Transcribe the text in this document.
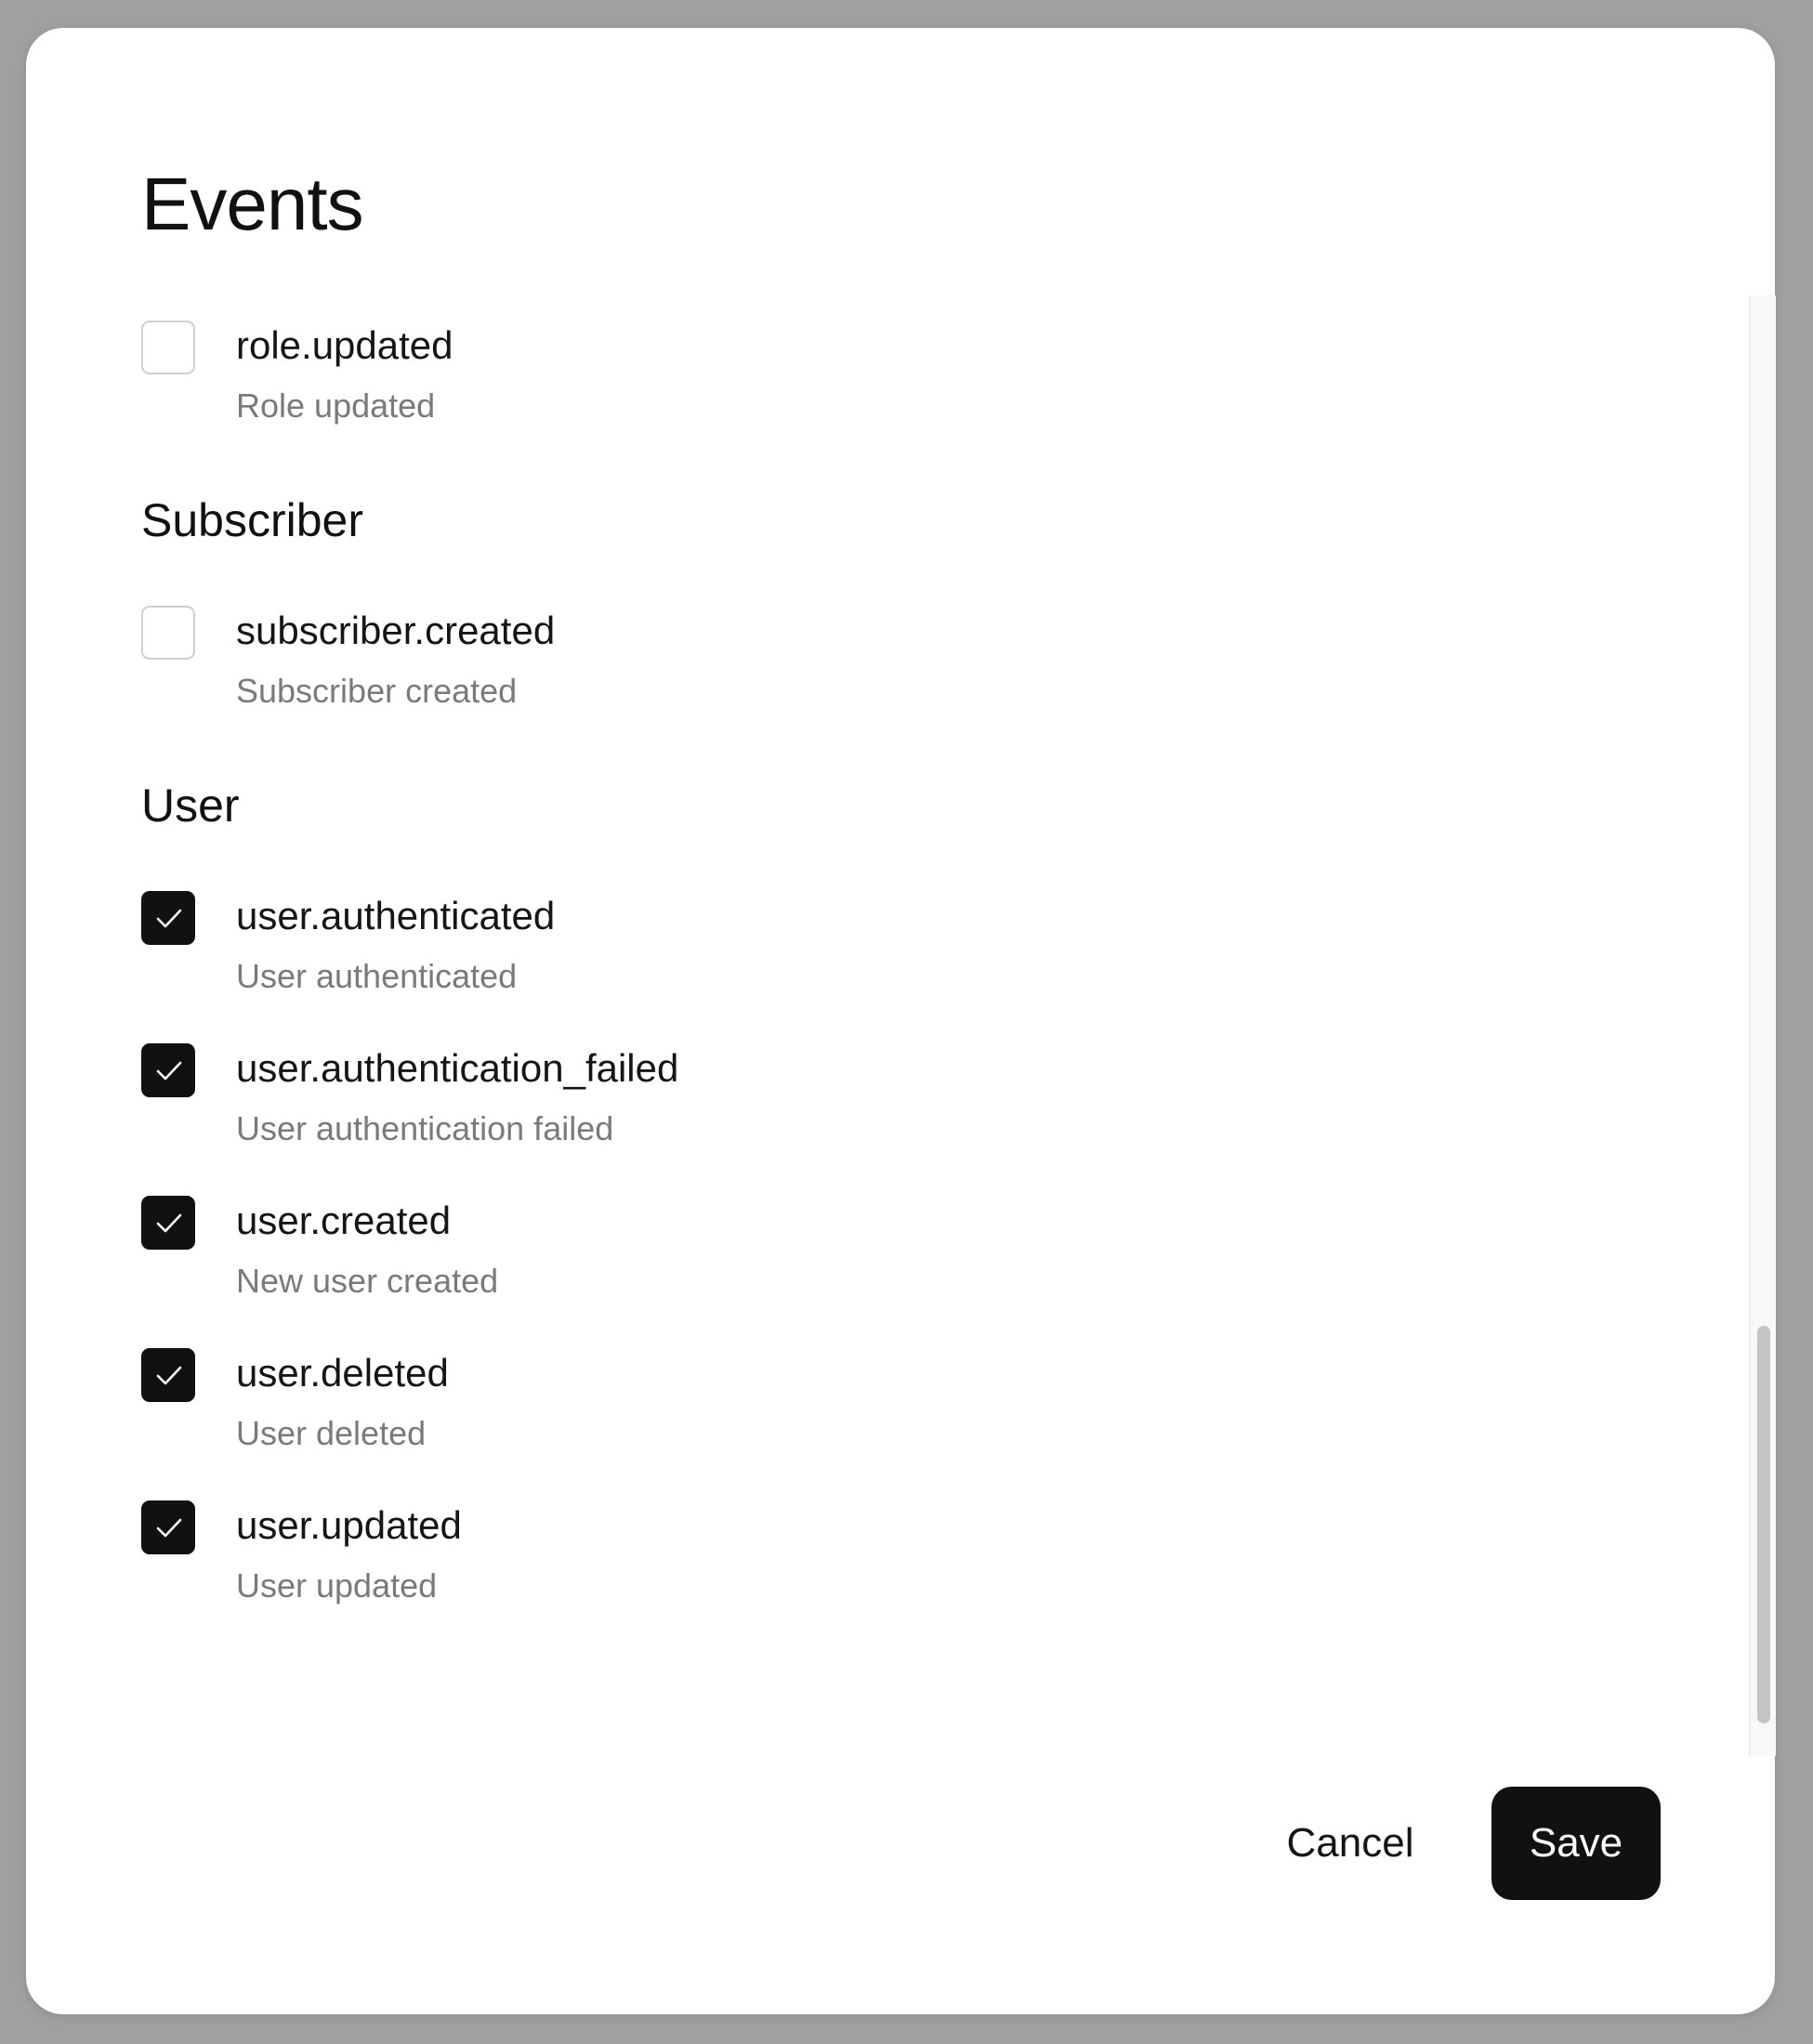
Events
role.updated
Role updated
Subscriber
subscriber.created
Subscriber created
User
user.authenticated
User authenticated
user.authentication_failed
User authentication failed
user.created
New user created
user.deleted
User deleted
user.updated
User updated
Cancel	Save
